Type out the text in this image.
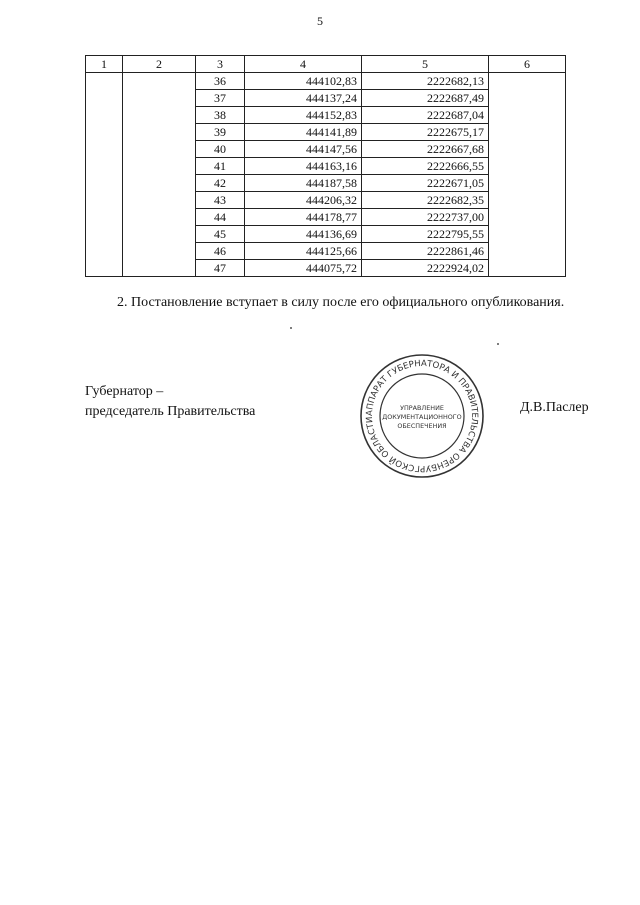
5
1	2	3	4	5	6
		36	444102,83	2222682,13	
		37	444137,24	2222687,49	
		38	444152,83	2222687,04	
		39	444141,89	2222675,17	
		40	444147,56	2222667,68	
		41	444163,16	2222666,55	
		42	444187,58	2222671,05	
		43	444206,32	2222682,35	
		44	444178,77	2222737,00	
		45	444136,69	2222795,55	
		46	444125,66	2222861,46	
		47	444075,72	2222924,02	
2. Постановление вступает в силу после его официального опубликования.
Губернатор –
председатель Правительства	АППАРАТ ГУБЕРНАТОРА И ПРАВИТЕЛЬСТВА ОРЕНБУРГСКОЙ ОБЛАСТИ
УПРАВЛЕНИЕ
ДОКУМЕНТАЦИОННОГО
ОБЕСПЕЧЕНИЯ
Д.В.Паслер
